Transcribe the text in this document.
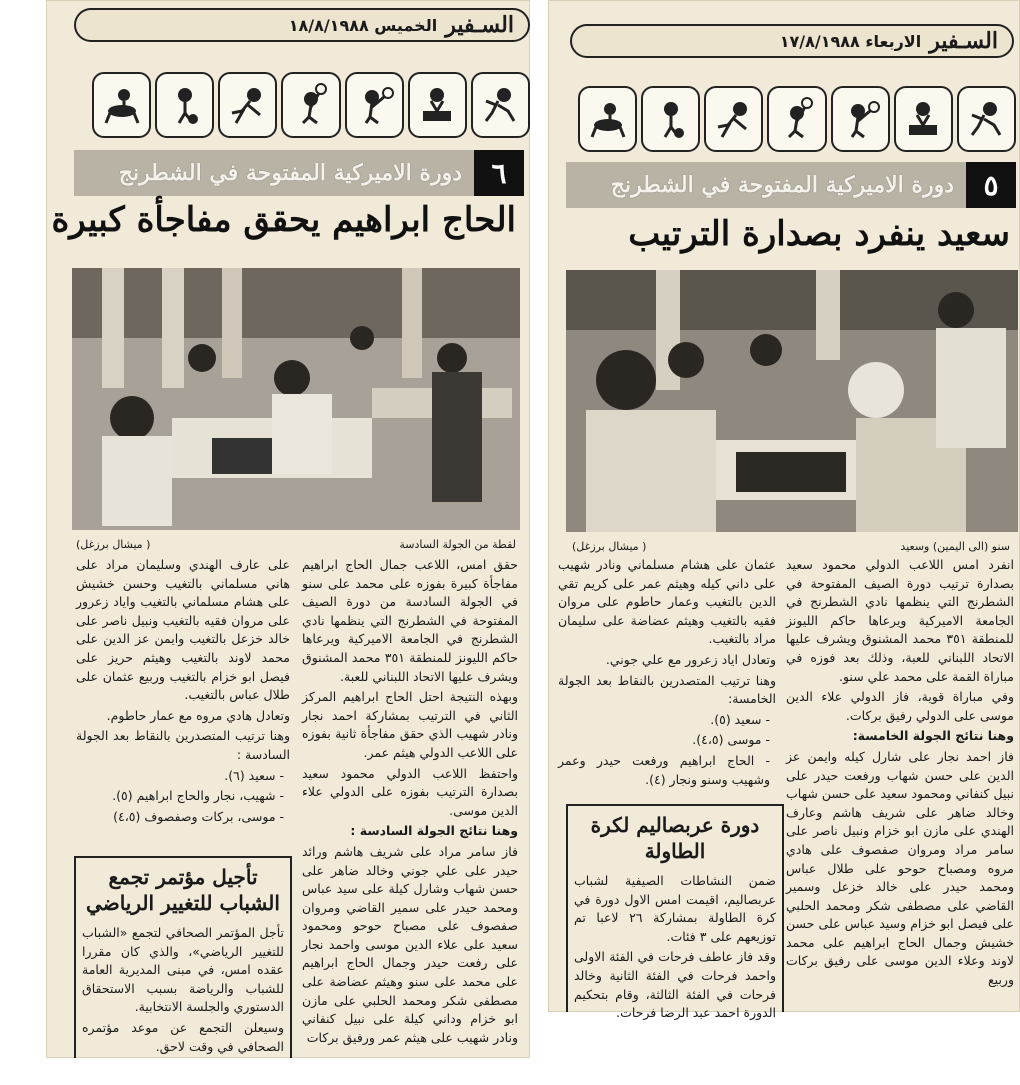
السـفير
الخميس ١٨/٨/١٩٨٨
٦
دورة الاميركية المفتوحة في الشطرنج
الحاج ابراهيم يحقق مفاجأة كبيرة
( ميشال برزغل)	لقطة من الجولة السادسة

حقق امس، اللاعب جمال الحاج ابراهيم مفاجأة كبيرة بفوزه على محمد على سنو في الجولة السادسة من دورة الصيف المفتوحة في الشطرنج التي ينظمها نادي الشطرنج في الجامعة الاميركية ويرعاها حاكم الليونز للمنطقة ٣٥١ محمد المشنوق ويشرف عليها الاتحاد اللبناني للعبة.

وبهذه النتيجة احتل الحاج ابراهيم المركز الثاني في الترتيب بمشاركة احمد نجار ونادر شهيب الذي حقق مفاجأة ثانية بفوزه على اللاعب الدولي هيثم عمر.

واحتفظ اللاعب الدولي محمود سعيد بصدارة الترتيب بفوزه على الدولي علاء الدين موسى.

وهنا نتائج الجولة السادسة :

فاز سامر مراد على شريف هاشم ورائد حيدر على علي جوني وخالد ضاهر على حسن شهاب وشارل كيلة على سيد عباس ومحمد حيدر على سمير القاضي ومروان صفصوف على مصباح حوحو ومحمود سعيد على علاء الدين موسى واحمد نجار على رفعت حيدر وجمال الحاج ابراهيم على محمد على سنو وهيثم عضاضة على مصطفى شكر ومحمد الحلبي على مازن ابو خزام وداني كيلة على نبيل كنفاني ونادر شهيب على هيثم عمر ورفيق بركات

على عارف الهندي وسليمان مراد على هاني مسلماني بالتغيب وحسن خشيش على هشام مسلماني بالتغيب واياد زعرور على مروان فقيه بالتغيب ونبيل ناصر على خالد خزعل بالتغيب وايمن عز الدين على محمد لاوند بالتغيب وهيثم حريز على فيصل ابو خزام بالتغيب وربيع عثمان على طلال عباس بالتغيب.

وتعادل هادي مروه مع عمار حاطوم.

وهنا ترتيب المتصدرين بالنقاط بعد الجولة السادسة :

- سعيد (٦).

- شهيب، نجار والحاج ابراهيم (٥).

- موسى، بركات وصفصوف (٤،٥)

تأجيل مؤتمر تجمع الشباب للتغيير الرياضي

تأجل المؤتمر الصحافي لتجمع «الشباب للتغيير الرياضي»، والذي كان مقررا عقده امس، في مبنى المديرية العامة للشباب والرياضة بسبب الاستحقاق الدستوري والجلسة الانتخابية.

وسيعلن التجمع عن موعد مؤتمره الصحافي في وقت لاحق.

السـفير
الاربعاء ١٧/٨/١٩٨٨
٥
دورة الاميركية المفتوحة في الشطرنج
سعيد ينفرد بصدارة الترتيب
( ميشال برزغل)	سنو (الى اليمين) وسعيد

انفرد امس اللاعب الدولي محمود سعيد بصدارة ترتيب دورة الصيف المفتوحة في الشطرنج التي ينظمها نادي الشطرنج في الجامعة الاميركية ويرعاها حاكم الليونز للمنطقة ٣٥١ محمد المشنوق ويشرف عليها الاتحاد اللبناني للعبة، وذلك بعد فوزه في مباراة القمة على محمد علي سنو.

وفي مباراة قوية، فاز الدولي علاء الدين موسى على الدولي رفيق بركات.

وهنا نتائج الجولة الخامسة:

فاز احمد نجار على شارل كيله وايمن عز الدين على حسن شهاب ورفعت حيدر على نبيل كنفاني ومحمود سعيد على حسن شهاب وخالد ضاهر على شريف هاشم وعارف الهندي على مازن ابو خزام ونبيل ناصر على سامر مراد ومروان صفصوف على هادي مروه ومصباح حوحو على طلال عباس ومحمد حيدر على خالد خزعل وسمير القاضي على مصطفى شكر ومحمد الحلبي على فيصل ابو خزام وسيد عباس على حسن خشيش وجمال الحاج ابراهيم على محمد لاوند وعلاء الدين موسى على رفيق بركات وربيع

عثمان على هشام مسلماني ونادر شهيب على داني كيله وهيثم عمر على كريم تقي الدين بالتغيب وعمار حاطوم على مروان فقيه بالتغيب وهيثم عضاضة على سليمان مراد بالتغيب.

وتعادل اياد زعرور مع علي جوني.

وهنا ترتيب المتصدرين بالنقاط بعد الجولة الخامسة:

- سعيد (٥).

- موسى (٤،٥).

- الحاج ابراهيم ورفعت حيدر وعمر وشهيب وسنو ونجار (٤).

دورة عربصاليم لكرة الطاولة

ضمن النشاطات الصيفية لشباب عربصاليم، اقيمت امس الاول دورة في كرة الطاولة بمشاركة ٢٦ لاعبا تم توزيعهم على ٣ فئات.

وقد فاز عاطف فرحات في الفئة الاولى واحمد فرحات في الفئة الثانية وخالد فرحات في الفئة الثالثة، وقام بتحكيم الدورة احمد عبد الرضا فرحات.
